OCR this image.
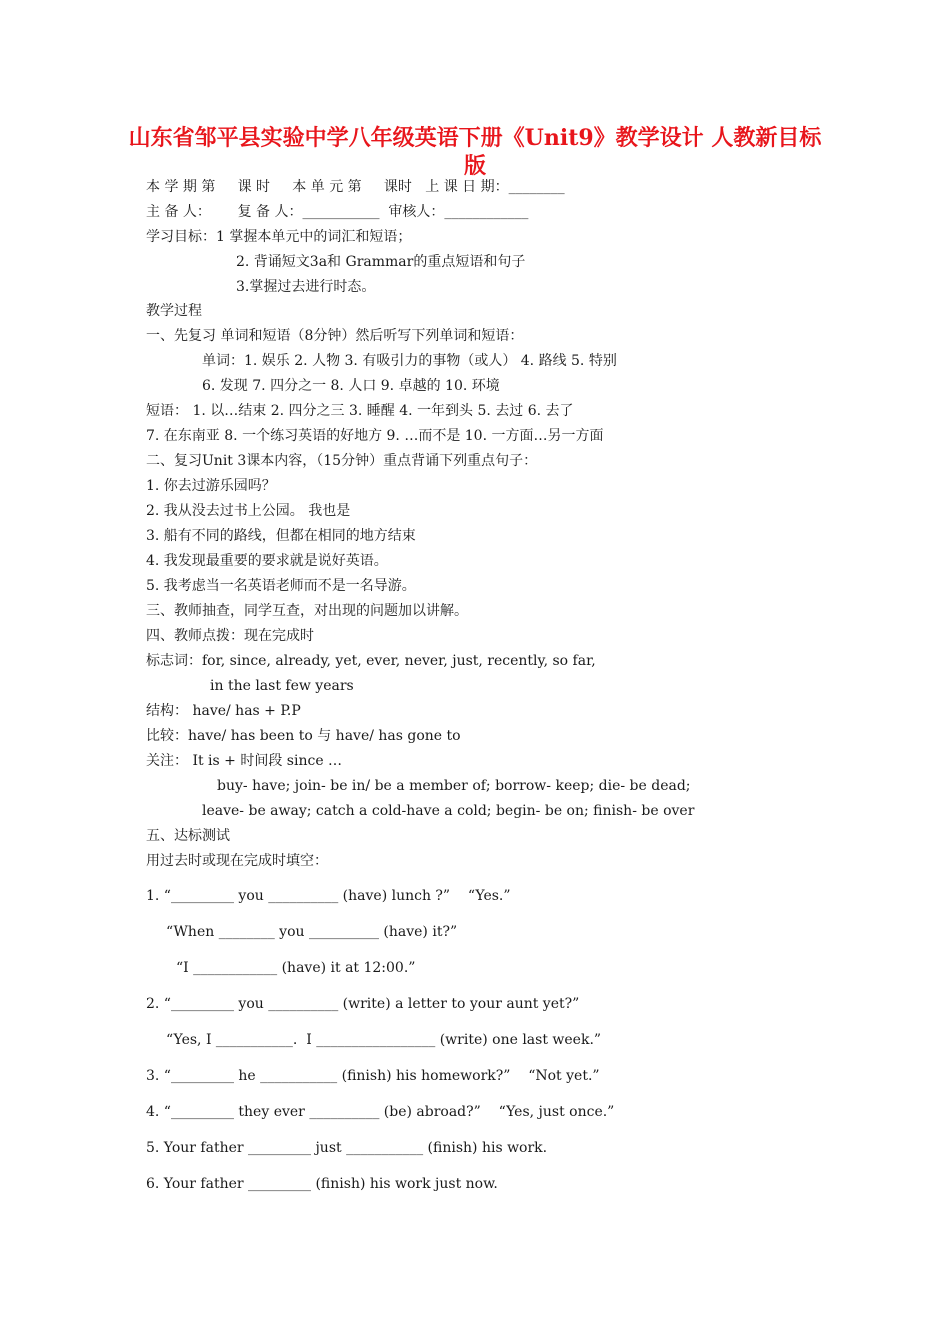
山东省邹平县实验中学八年级英语下册《Unit9》教学设计 人教新目标版

本 学 期 第     课 时     本 单 元 第     课时   上 课 日 期：________

主 备 人：      复 备 人：___________  审核人：____________

学习目标：1 掌握本单元中的词汇和短语；

2. 背诵短文3a和 Grammar的重点短语和句子

3.掌握过去进行时态。

教学过程

一、先复习 单词和短语（8分钟）然后听写下列单词和短语：

单词：1. 娱乐 2. 人物 3. 有吸引力的事物（或人） 4. 路线 5. 特别

6. 发现 7. 四分之一 8. 人口 9. 卓越的 10. 环境

短语： 1. 以…结束 2. 四分之三 3. 睡醒 4. 一年到头 5. 去过 6. 去了

7. 在东南亚 8. 一个练习英语的好地方 9. …而不是 10. 一方面…另一方面

二、复习Unit 3课本内容，（15分钟）重点背诵下列重点句子：

1. 你去过游乐园吗？

2. 我从没去过书上公园。 我也是

3. 船有不同的路线，但都在相同的地方结束

4. 我发现最重要的要求就是说好英语。

5. 我考虑当一名英语老师而不是一名导游。

三、教师抽查，同学互查，对出现的问题加以讲解。

四、教师点拨：现在完成时

标志词：for, since, already, yet, ever, never, just, recently, so far,

in the last few years

结构： have/ has + P.P

比较：have/ has been to 与 have/ has gone to

关注： It is + 时间段 since …

buy- have; join- be in/ be a member of; borrow- keep; die- be dead;

leave- be away; catch a cold-have a cold; begin- be on; finish- be over

五、达标测试

用过去时或现在完成时填空：

1. “_________ you __________ (have) lunch ?”    “Yes.”

“When ________ you __________ (have) it?”

“I ____________ (have) it at 12:00.”

2. “_________ you __________ (write) a letter to your aunt yet?”

“Yes, I ___________.  I _________________ (write) one last week.”

3. “_________ he ___________ (finish) his homework?”    “Not yet.”

4. “_________ they ever __________ (be) abroad?”    “Yes, just once.”

5. Your father _________ just ___________ (finish) his work.

6. Your father _________ (finish) his work just now.
